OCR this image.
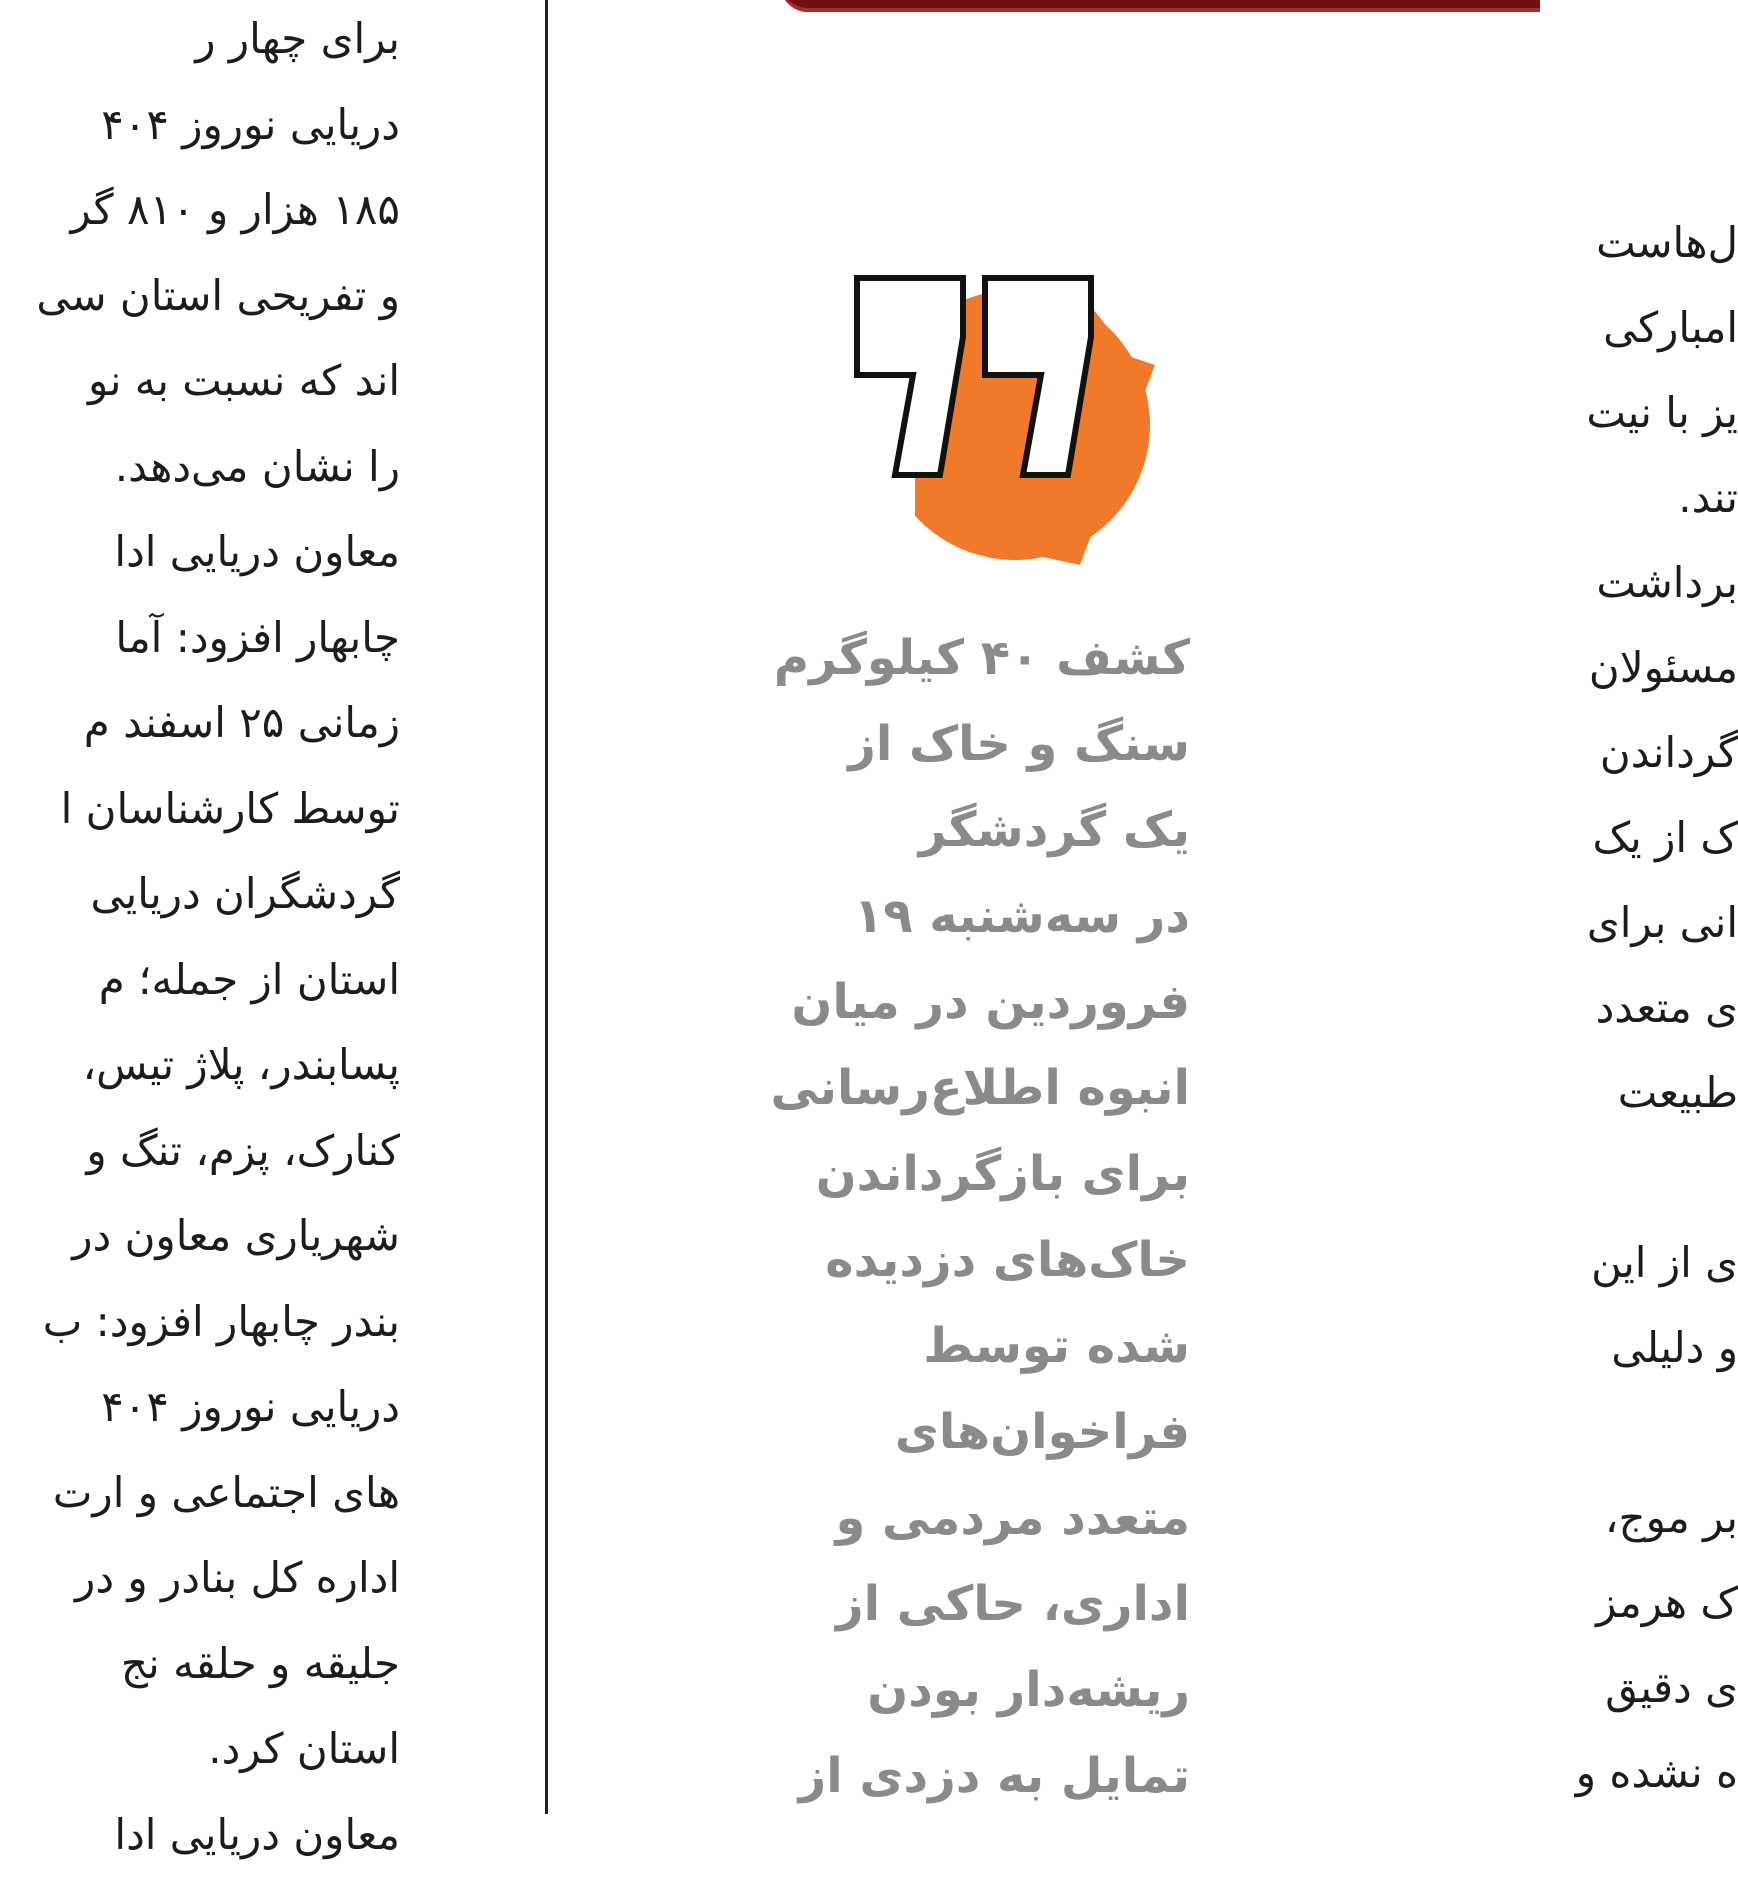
برای چهار ر
دریایی نوروز ۴۰۴
۱۸۵ هزار و ۸۱۰ گر
و تفریحی استان سی
اند که نسبت به نو
را نشان می‌دهد.
معاون دریایی ادا
چابهار افزود: آما
زمانی ۲۵ اسفند م
توسط کارشناسان ا
گردشگران دریایی
استان از جمله؛ م
پسابندر، پلاژ تیس،
کنارک، پزم، تنگ و
شهریاری معاون در
بندر چابهار افزود: ب
دریایی نوروز ۴۰۴
های اجتماعی و ارت
اداره کل بنادر و در
جلیقه و حلقه نج
استان کرد.
معاون دریایی ادا
کشف ۴۰ کیلوگرم
سنگ و خاک از
یک گردشگر
در سه‌شنبه ۱۹
فروردین در میان
انبوه اطلاع‌رسانی
برای بازگرداندن
خاک‌های دزدیده
شده توسط
فراخوان‌های
متعدد مردمی و
اداری، حاکی از
ریشه‌دار بودن
تمایل به دزدی از
ل‌هاست
امبارکی
یز با نیت
تند.
برداشت
مسئولان
گرداندن
ک از یک
انی برای
ی متعدد
طبیعت
ی از این
و دلیلی
بر موج،
ک هرمز
ی دقیق
ه نشده و
